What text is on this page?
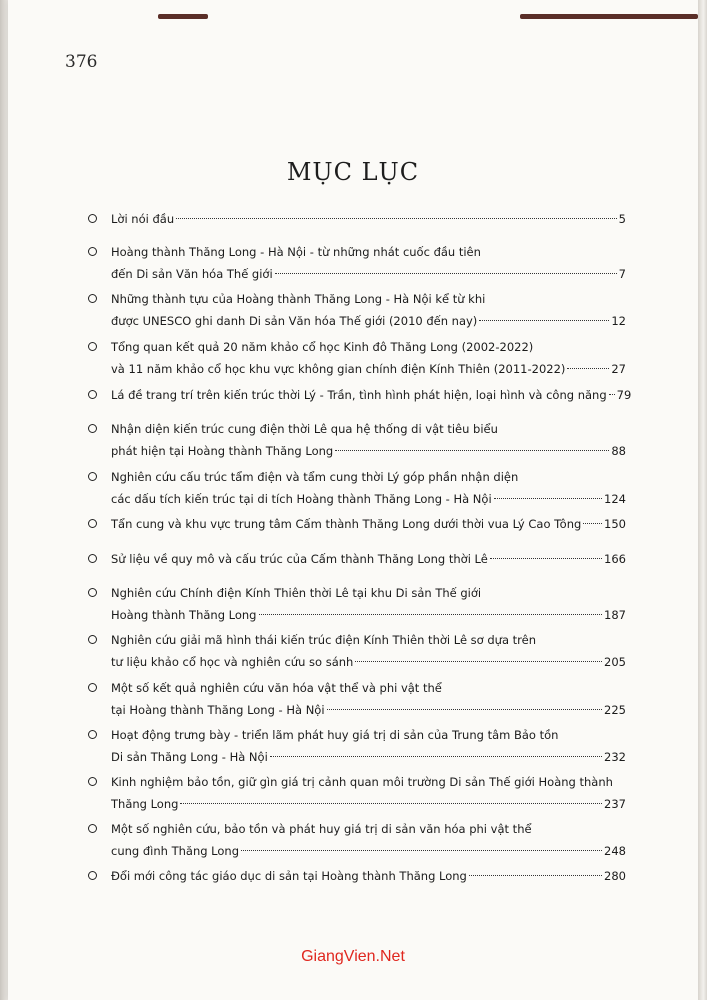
376
MỤC LỤC
Lời nói đầu	5
Hoàng thành Thăng Long - Hà Nội - từ những nhát cuốc đầu tiên
đến Di sản Văn hóa Thế giới	7
Những thành tựu của Hoàng thành Thăng Long - Hà Nội kể từ khi
được UNESCO ghi danh Di sản Văn hóa Thế giới (2010 đến nay)	12
Tổng quan kết quả 20 năm khảo cổ học Kinh đô Thăng Long (2002-2022)
và 11 năm khảo cổ học khu vực không gian chính điện Kính Thiên (2011-2022)	27
Lá đề trang trí trên kiến trúc thời Lý - Trần, tình hình phát hiện, loại hình và công năng 79
Nhận diện kiến trúc cung điện thời Lê qua hệ thống di vật tiêu biểu
phát hiện tại Hoàng thành Thăng Long	88
Nghiên cứu cấu trúc tẩm điện và tẩm cung thời Lý góp phần nhận diện
các dấu tích kiến trúc tại di tích Hoàng thành Thăng Long - Hà Nội	124
Tẩn cung và khu vực trung tâm Cấm thành Thăng Long dưới thời vua Lý Cao Tông 150
Sử liệu về quy mô và cấu trúc của Cấm thành Thăng Long thời Lê	166
Nghiên cứu Chính điện Kính Thiên thời Lê tại khu Di sản Thế giới
Hoàng thành Thăng Long	187
Nghiên cứu giải mã hình thái kiến trúc điện Kính Thiên thời Lê sơ dựa trên
tư liệu khảo cổ học và nghiên cứu so sánh	205
Một số kết quả nghiên cứu văn hóa vật thể và phi vật thể
tại Hoàng thành Thăng Long - Hà Nội	225
Hoạt động trưng bày - triển lãm phát huy giá trị di sản của Trung tâm Bảo tồn
Di sản Thăng Long - Hà Nội	232
Kinh nghiệm bảo tồn, giữ gìn giá trị cảnh quan môi trường Di sản Thế giới Hoàng thành
Thăng Long	237
Một số nghiên cứu, bảo tồn và phát huy giá trị di sản văn hóa phi vật thể
cung đình Thăng Long	248
Đổi mới công tác giáo dục di sản tại Hoàng thành Thăng Long	280
GiangVien.Net
